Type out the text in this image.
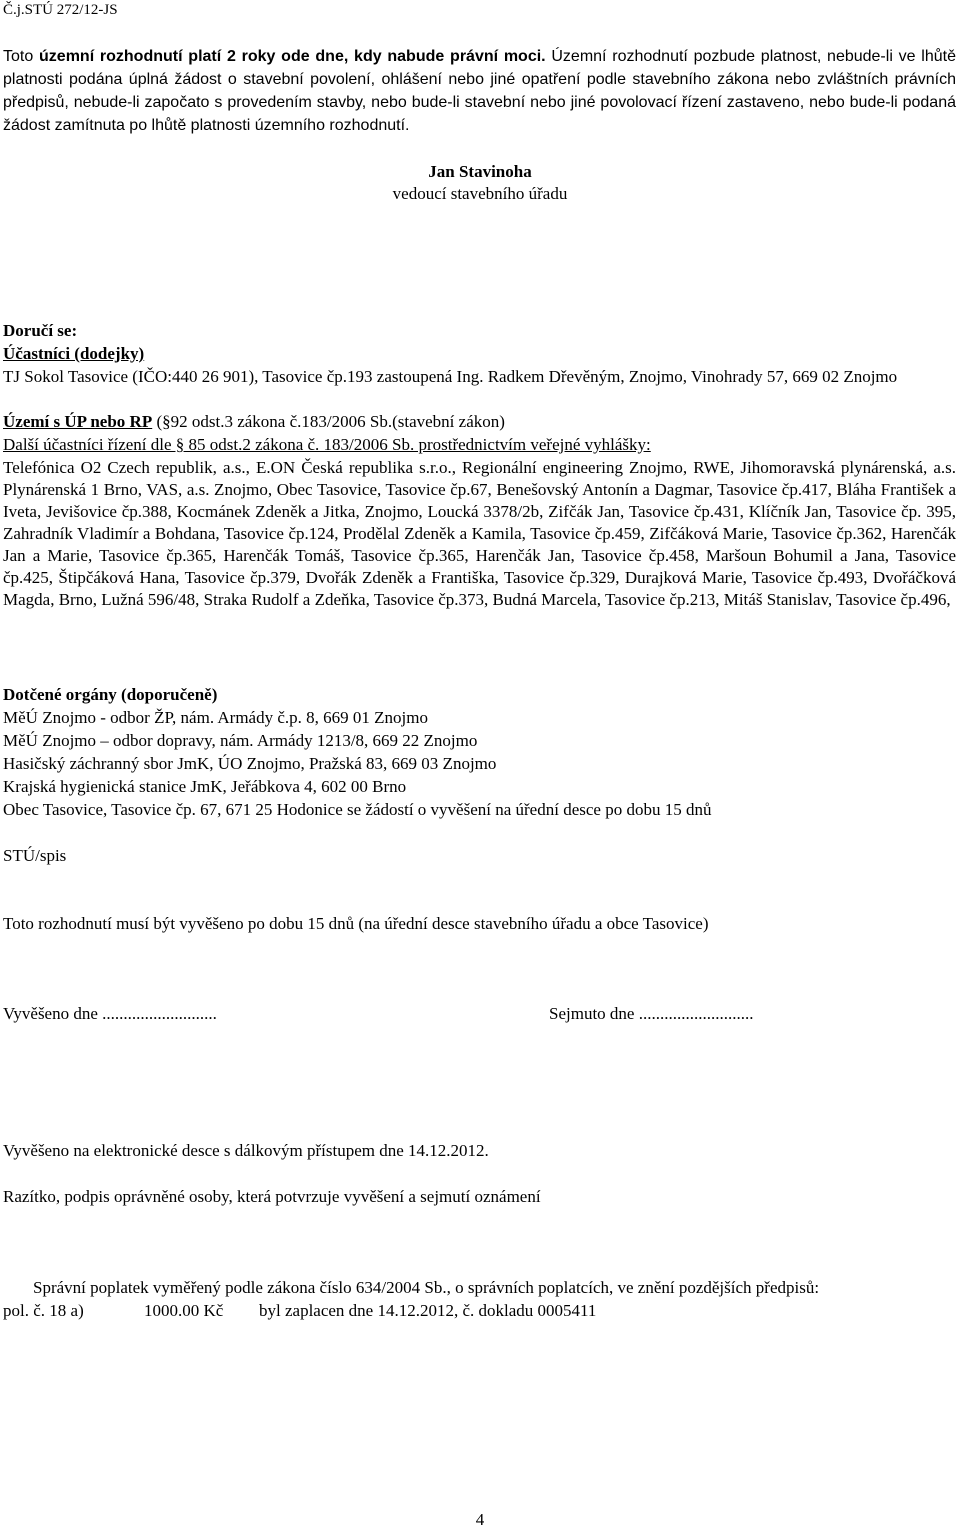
Č.j.STÚ 272/12-JS
Toto územní rozhodnutí platí 2 roky ode dne, kdy nabude právní moci. Územní rozhodnutí pozbude platnost, nebude-li ve lhůtě platnosti podána úplná žádost o stavební povolení, ohlášení nebo jiné opatření podle stavebního zákona nebo zvláštních právních předpisů, nebude-li započato s provedením stavby, nebo bude-li stavební nebo jiné povolovací řízení zastaveno, nebo bude-li podaná žádost zamítnuta po lhůtě platnosti územního rozhodnutí.
Jan Stavinoha
vedoucí stavebního úřadu
Doručí se:
Účastníci (dodejky)
TJ Sokol Tasovice (IČO:440 26 901), Tasovice čp.193 zastoupená Ing. Radkem Dřevěným, Znojmo, Vinohrady 57, 669 02 Znojmo
Území s ÚP nebo RP (§92 odst.3 zákona č.183/2006 Sb.(stavební zákon)
Další účastníci řízení dle § 85 odst.2 zákona č. 183/2006 Sb. prostřednictvím veřejné vyhlášky:
Telefónica O2 Czech republik, a.s., E.ON Česká republika s.r.o., Regionální engineering Znojmo, RWE, Jihomoravská plynárenská, a.s. Plynárenská 1 Brno, VAS, a.s. Znojmo, Obec Tasovice, Tasovice čp.67, Benešovský Antonín a Dagmar, Tasovice čp.417, Bláha František a Iveta, Jevišovice čp.388, Kocmánek Zdeněk a Jitka, Znojmo, Loucká 3378/2b, Zifčák Jan, Tasovice čp.431, Klíčník Jan, Tasovice čp. 395, Zahradník Vladimír a Bohdana, Tasovice čp.124, Prodělal Zdeněk a Kamila, Tasovice čp.459, Zifčáková Marie, Tasovice čp.362, Harenčák Jan a Marie, Tasovice čp.365, Harenčák Tomáš, Tasovice čp.365, Harenčák Jan, Tasovice čp.458, Maršoun Bohumil a Jana, Tasovice čp.425, Štipčáková Hana, Tasovice čp.379, Dvořák Zdeněk a Františka, Tasovice čp.329, Durajková Marie, Tasovice čp.493, Dvořáčková Magda, Brno, Lužná 596/48, Straka Rudolf a Zdeňka, Tasovice čp.373, Budná Marcela, Tasovice čp.213, Mitáš Stanislav, Tasovice čp.496,
Dotčené orgány (doporučeně)
MěÚ Znojmo - odbor ŽP, nám. Armády č.p. 8, 669 01 Znojmo
MěÚ Znojmo – odbor dopravy, nám. Armády 1213/8, 669 22 Znojmo
Hasičský záchranný sbor JmK, ÚO Znojmo, Pražská 83, 669 03 Znojmo
Krajská hygienická stanice JmK, Jeřábkova 4, 602 00 Brno
Obec Tasovice, Tasovice čp. 67, 671 25 Hodonice se žádostí o vyvěšení na úřední desce po dobu 15 dnů
STÚ/spis
Toto rozhodnutí musí být vyvěšeno po dobu 15 dnů (na úřední desce stavebního úřadu a obce Tasovice)
Vyvěšeno dne ...........................	Sejmuto dne ...........................
Vyvěšeno na elektronické desce s dálkovým přístupem dne 14.12.2012.
Razítko, podpis oprávněné osoby, která potvrzuje vyvěšení a sejmutí oznámení
Správní poplatek vyměřený podle zákona číslo 634/2004 Sb., o správních poplatcích, ve znění pozdějších předpisů:
pol. č. 18 a)	1000.00 Kč byl zaplacen dne 14.12.2012, č. dokladu 0005411
4
